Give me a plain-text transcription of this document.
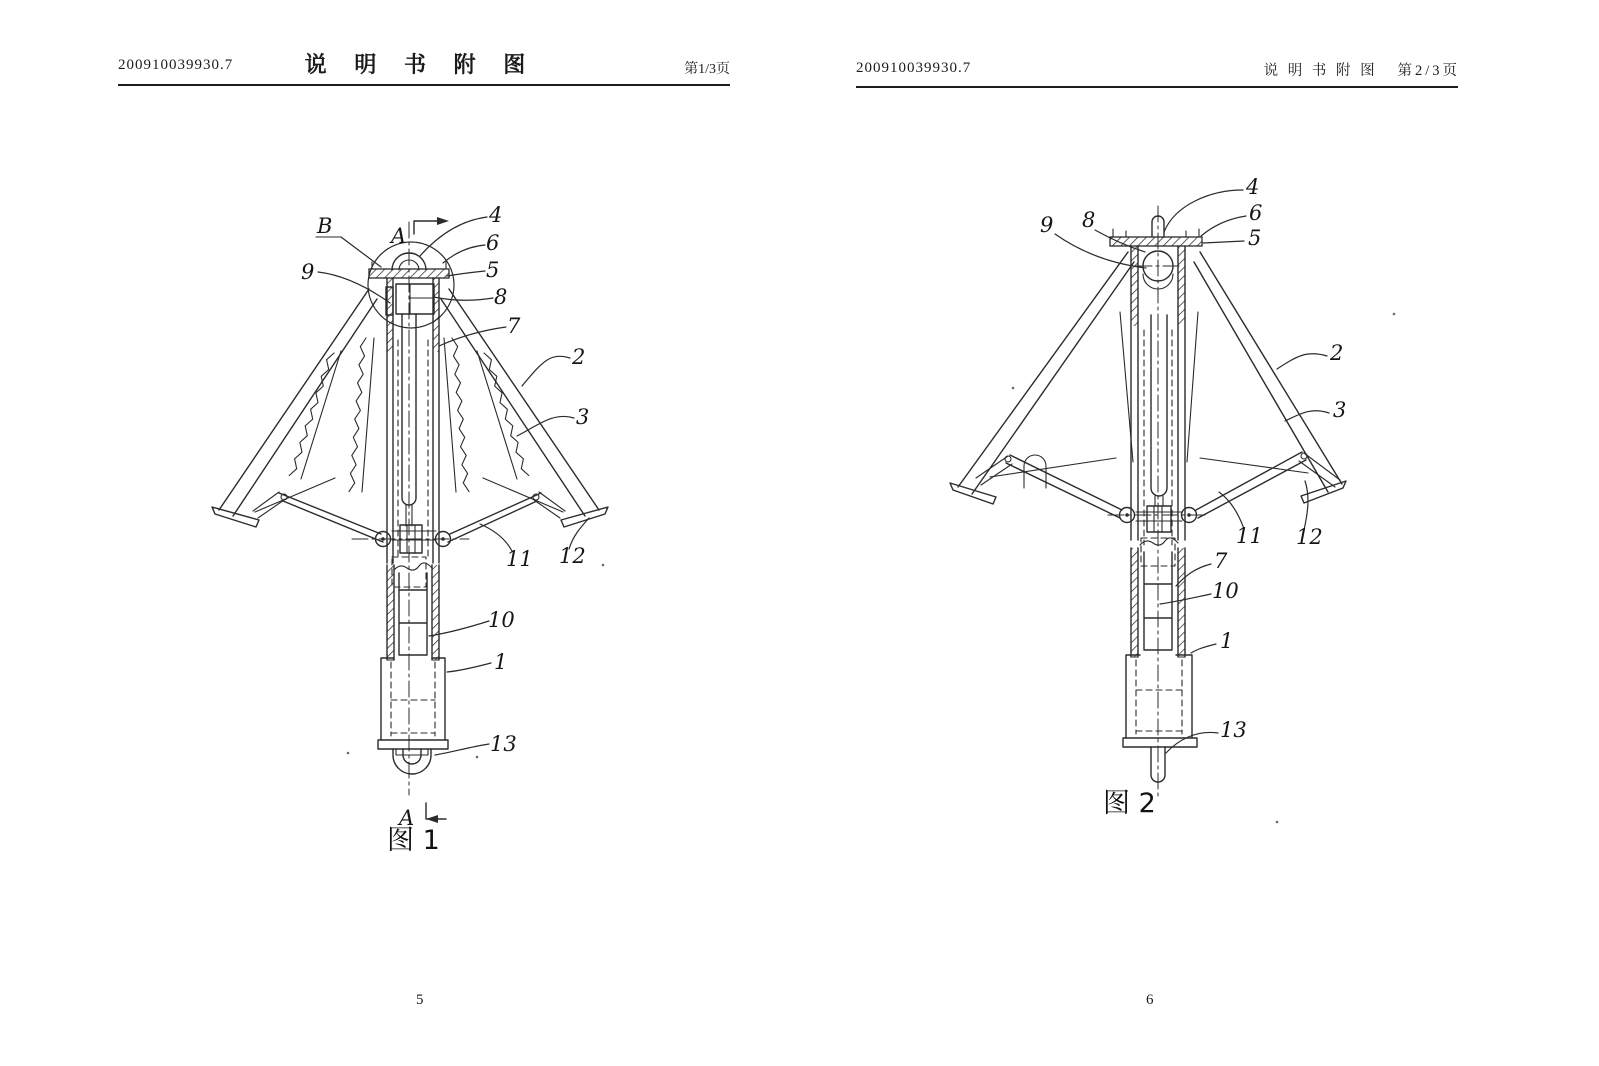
200910039930.7	说 明 书 附 图	第1/3页	200910039930.7	说 明 书 附 图 第2/3页
5	6
B	A
9
4
6
5
8
7
2
3
11 12
10
1
13
A
图 1
9 8
4
6
5
2
3
11 12
7
10
1
13
图 2
